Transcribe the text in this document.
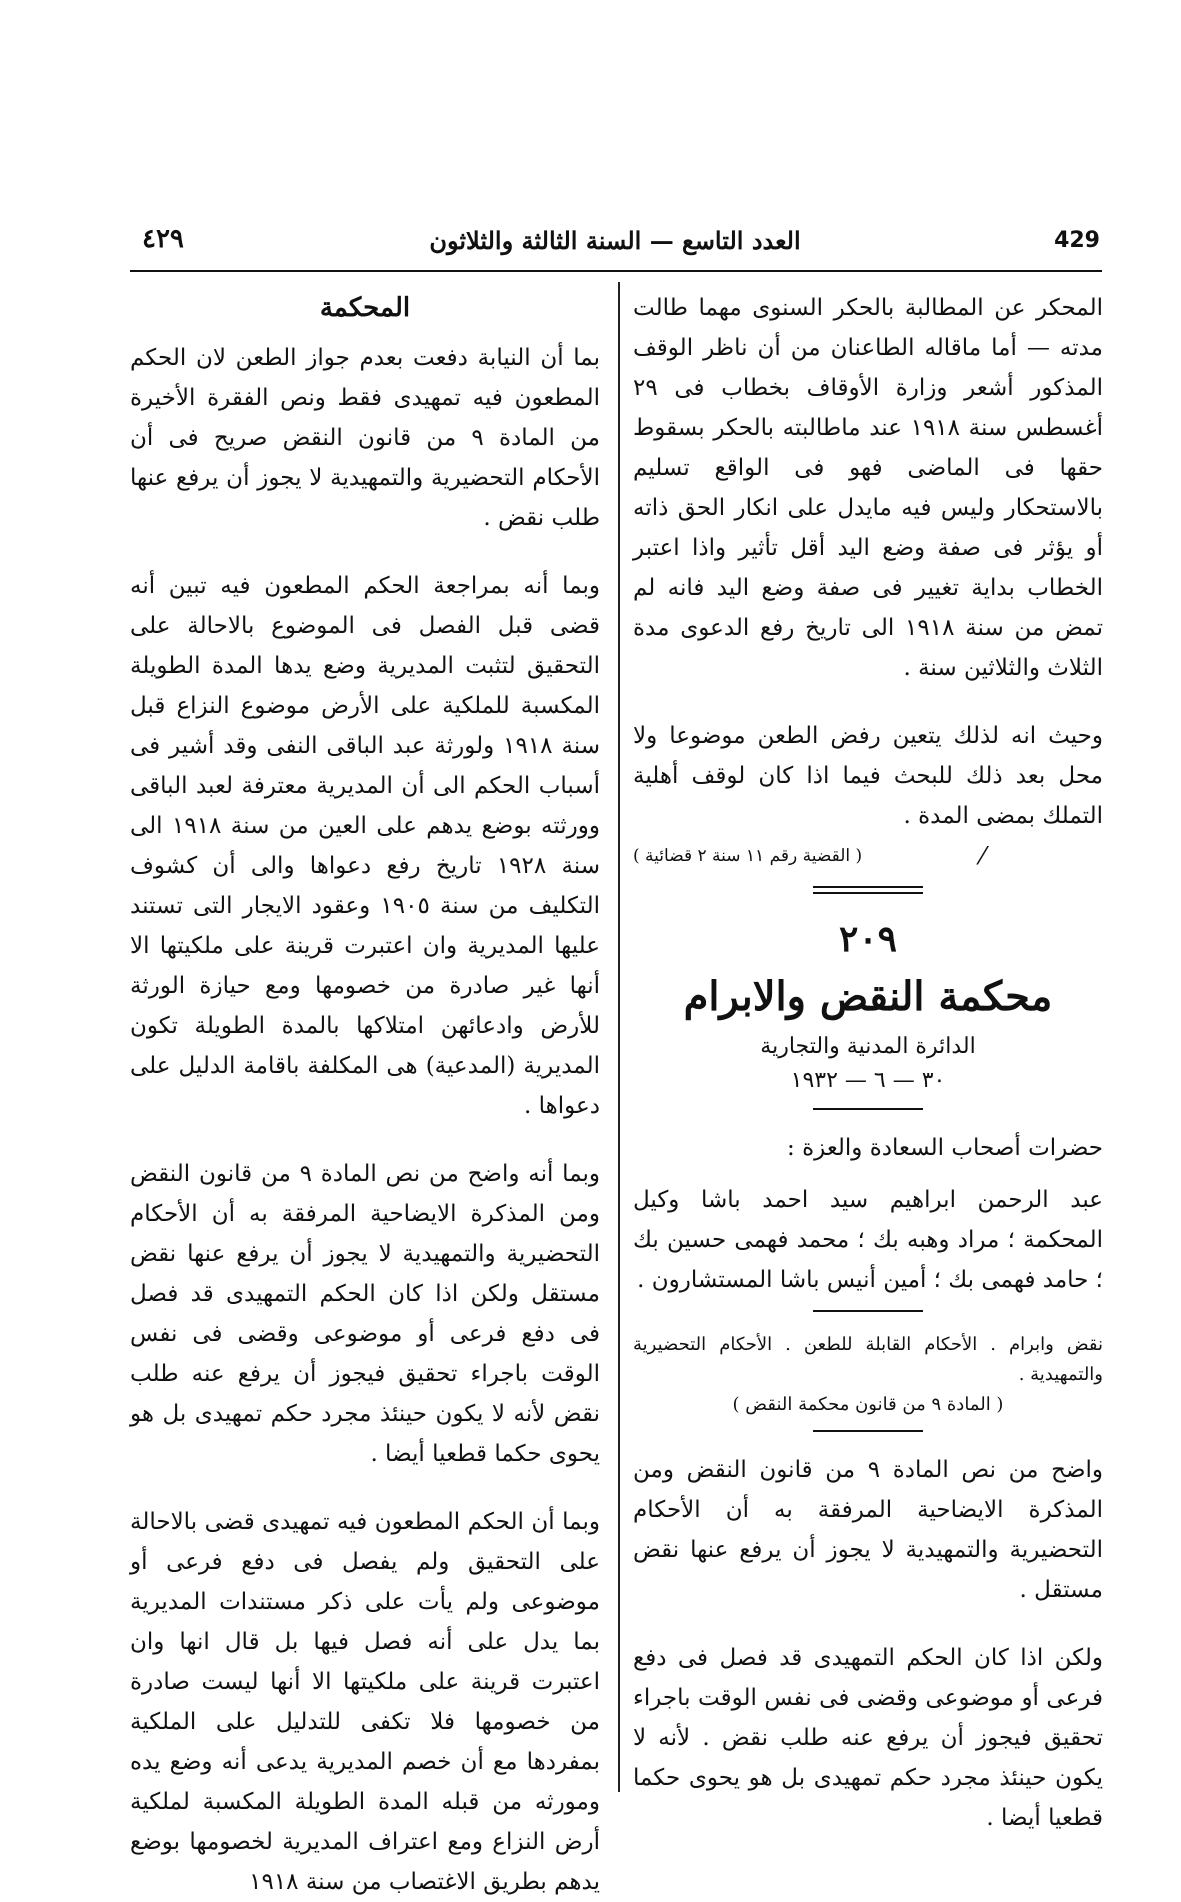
٤٢٩	العدد التاسع — السنة الثالثة والثلاثون	429

المحكر عن المطالبة بالحكر السنوى مهما طالت مدته — أما ماقاله الطاعنان من أن ناظر الوقف المذكور أشعر وزارة الأوقاف بخطاب فى ٢٩ أغسطس سنة ١٩١٨ عند ماطالبته بالحكر بسقوط حقها فى الماضى فهو فى الواقع تسليم بالاستحكار وليس فيه مايدل على انكار الحق ذاته أو يؤثر فى صفة وضع اليد أقل تأثير واذا اعتبر الخطاب بداية تغيير فى صفة وضع اليد فانه لم تمض من سنة ١٩١٨ الى تاريخ رفع الدعوى مدة الثلاث والثلاثين سنة .

وحيث انه لذلك يتعين رفض الطعن موضوعا ولا محل بعد ذلك للبحث فيما اذا كان لوقف أهلية التملك بمضى المدة .

⁄
( القضية رقم ١١ سنة ٢ قضائية )
٢٠٩
محكمة النقض والابرام
الدائرة المدنية والتجارية
٣٠ — ٦ — ١٩٣٢

حضرات أصحاب السعادة والعزة :

عبد الرحمن ابراهيم سيد احمد باشا وكيل المحكمة ؛ مراد وهبه بك ؛ محمد فهمى حسين بك ؛ حامد فهمى بك ؛ أمين أنيس باشا المستشارون .

نقض وابرام . الأحكام القابلة للطعن . الأحكام التحضيرية والتمهيدية .

( المادة ٩ من قانون محكمة النقض )

واضح من نص المادة ٩ من قانون النقض ومن المذكرة الايضاحية المرفقة به أن الأحكام التحضيرية والتمهيدية لا يجوز أن يرفع عنها نقض مستقل .

ولكن اذا كان الحكم التمهيدى قد فصل فى دفع فرعى أو موضوعى وقضى فى نفس الوقت باجراء تحقيق فيجوز أن يرفع عنه طلب نقض . لأنه لا يكون حينئذ مجرد حكم تمهيدى بل هو يحوى حكما قطعيا أيضا .

المحكمة

بما أن النيابة دفعت بعدم جواز الطعن لان الحكم المطعون فيه تمهيدى فقط ونص الفقرة الأخيرة من المادة ٩ من قانون النقض صريح فى أن الأحكام التحضيرية والتمهيدية لا يجوز أن يرفع عنها طلب نقض .

وبما أنه بمراجعة الحكم المطعون فيه تبين أنه قضى قبل الفصل فى الموضوع بالاحالة على التحقيق لتثبت المديرية وضع يدها المدة الطويلة المكسبة للملكية على الأرض موضوع النزاع قبل سنة ١٩١٨ ولورثة عبد الباقى النفى وقد أشير فى أسباب الحكم الى أن المديرية معترفة لعبد الباقى وورثته بوضع يدهم على العين من سنة ١٩١٨ الى سنة ١٩٢٨ تاريخ رفع دعواها والى أن كشوف التكليف من سنة ١٩٠٥ وعقود الايجار التى تستند عليها المديرية وان اعتبرت قرينة على ملكيتها الا أنها غير صادرة من خصومها ومع حيازة الورثة للأرض وادعائهن امتلاكها بالمدة الطويلة تكون المديرية (المدعية) هى المكلفة باقامة الدليل على دعواها .

وبما أنه واضح من نص المادة ٩ من قانون النقض ومن المذكرة الايضاحية المرفقة به أن الأحكام التحضيرية والتمهيدية لا يجوز أن يرفع عنها نقض مستقل ولكن اذا كان الحكم التمهيدى قد فصل فى دفع فرعى أو موضوعى وقضى فى نفس الوقت باجراء تحقيق فيجوز أن يرفع عنه طلب نقض لأنه لا يكون حينئذ مجرد حكم تمهيدى بل هو يحوى حكما قطعيا أيضا .

وبما أن الحكم المطعون فيه تمهيدى قضى بالاحالة على التحقيق ولم يفصل فى دفع فرعى أو موضوعى ولم يأت على ذكر مستندات المديرية بما يدل على أنه فصل فيها بل قال انها وان اعتبرت قرينة على ملكيتها الا أنها ليست صادرة من خصومها فلا تكفى للتدليل على الملكية بمفردها مع أن خصم المديرية يدعى أنه وضع يده ومورثه من قبله المدة الطويلة المكسبة لملكية أرض النزاع ومع اعتراف المديرية لخصومها بوضع يدهم بطريق الاغتصاب من سنة ١٩١٨
